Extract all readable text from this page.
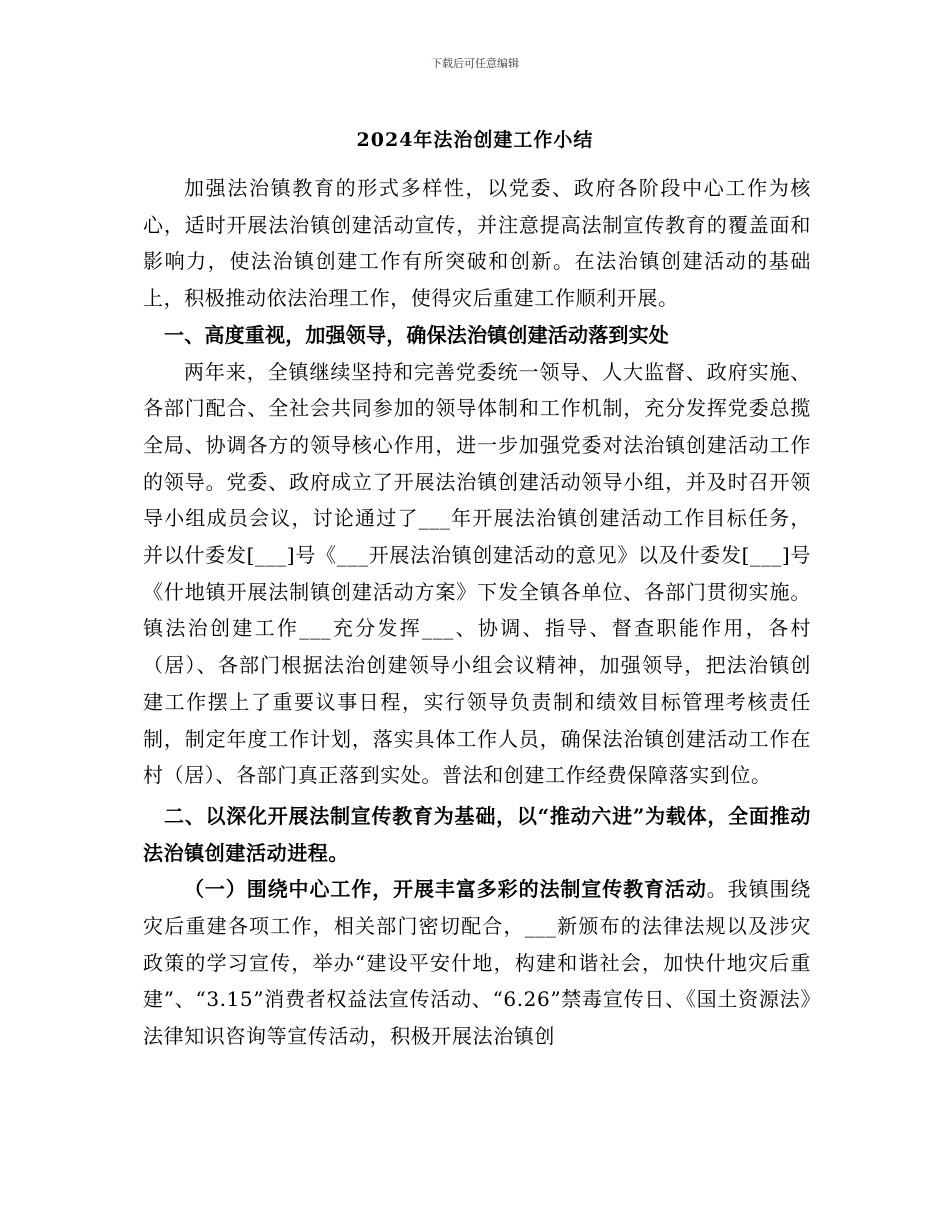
下载后可任意编辑
2024年法治创建工作小结

加强法治镇教育的形式多样性，以党委、政府各阶段中心工作为核心，适时开展法治镇创建活动宣传，并注意提高法制宣传教育的覆盖面和影响力，使法治镇创建工作有所突破和创新。在法治镇创建活动的基础上，积极推动依法治理工作，使得灾后重建工作顺利开展。

一、高度重视，加强领导，确保法治镇创建活动落到实处

两年来，全镇继续坚持和完善党委统一领导、人大监督、政府实施、各部门配合、全社会共同参加的领导体制和工作机制，充分发挥党委总揽全局、协调各方的领导核心作用，进一步加强党委对法治镇创建活动工作的领导。党委、政府成立了开展法治镇创建活动领导小组，并及时召开领导小组成员会议，讨论通过了___年开展法治镇创建活动工作目标任务，并以什委发[___]号《___开展法治镇创建活动的意见》以及什委发[___]号《什地镇开展法制镇创建活动方案》下发全镇各单位、各部门贯彻实施。镇法治创建工作___充分发挥___、协调、指导、督查职能作用，各村（居）、各部门根据法治创建领导小组会议精神，加强领导，把法治镇创建工作摆上了重要议事日程，实行领导负责制和绩效目标管理考核责任制，制定年度工作计划，落实具体工作人员，确保法治镇创建活动工作在村（居）、各部门真正落到实处。普法和创建工作经费保障落实到位。

二、以深化开展法制宣传教育为基础，以“推动六进”为载体，全面推动法治镇创建活动进程。

（一）围绕中心工作，开展丰富多彩的法制宣传教育活动。我镇围绕灾后重建各项工作，相关部门密切配合，___新颁布的法律法规以及涉灾政策的学习宣传，举办“建设平安什地，构建和谐社会，加快什地灾后重建”、“3.15”消费者权益法宣传活动、“6.26”禁毒宣传日、《国土资源法》法律知识咨询等宣传活动，积极开展法治镇创
